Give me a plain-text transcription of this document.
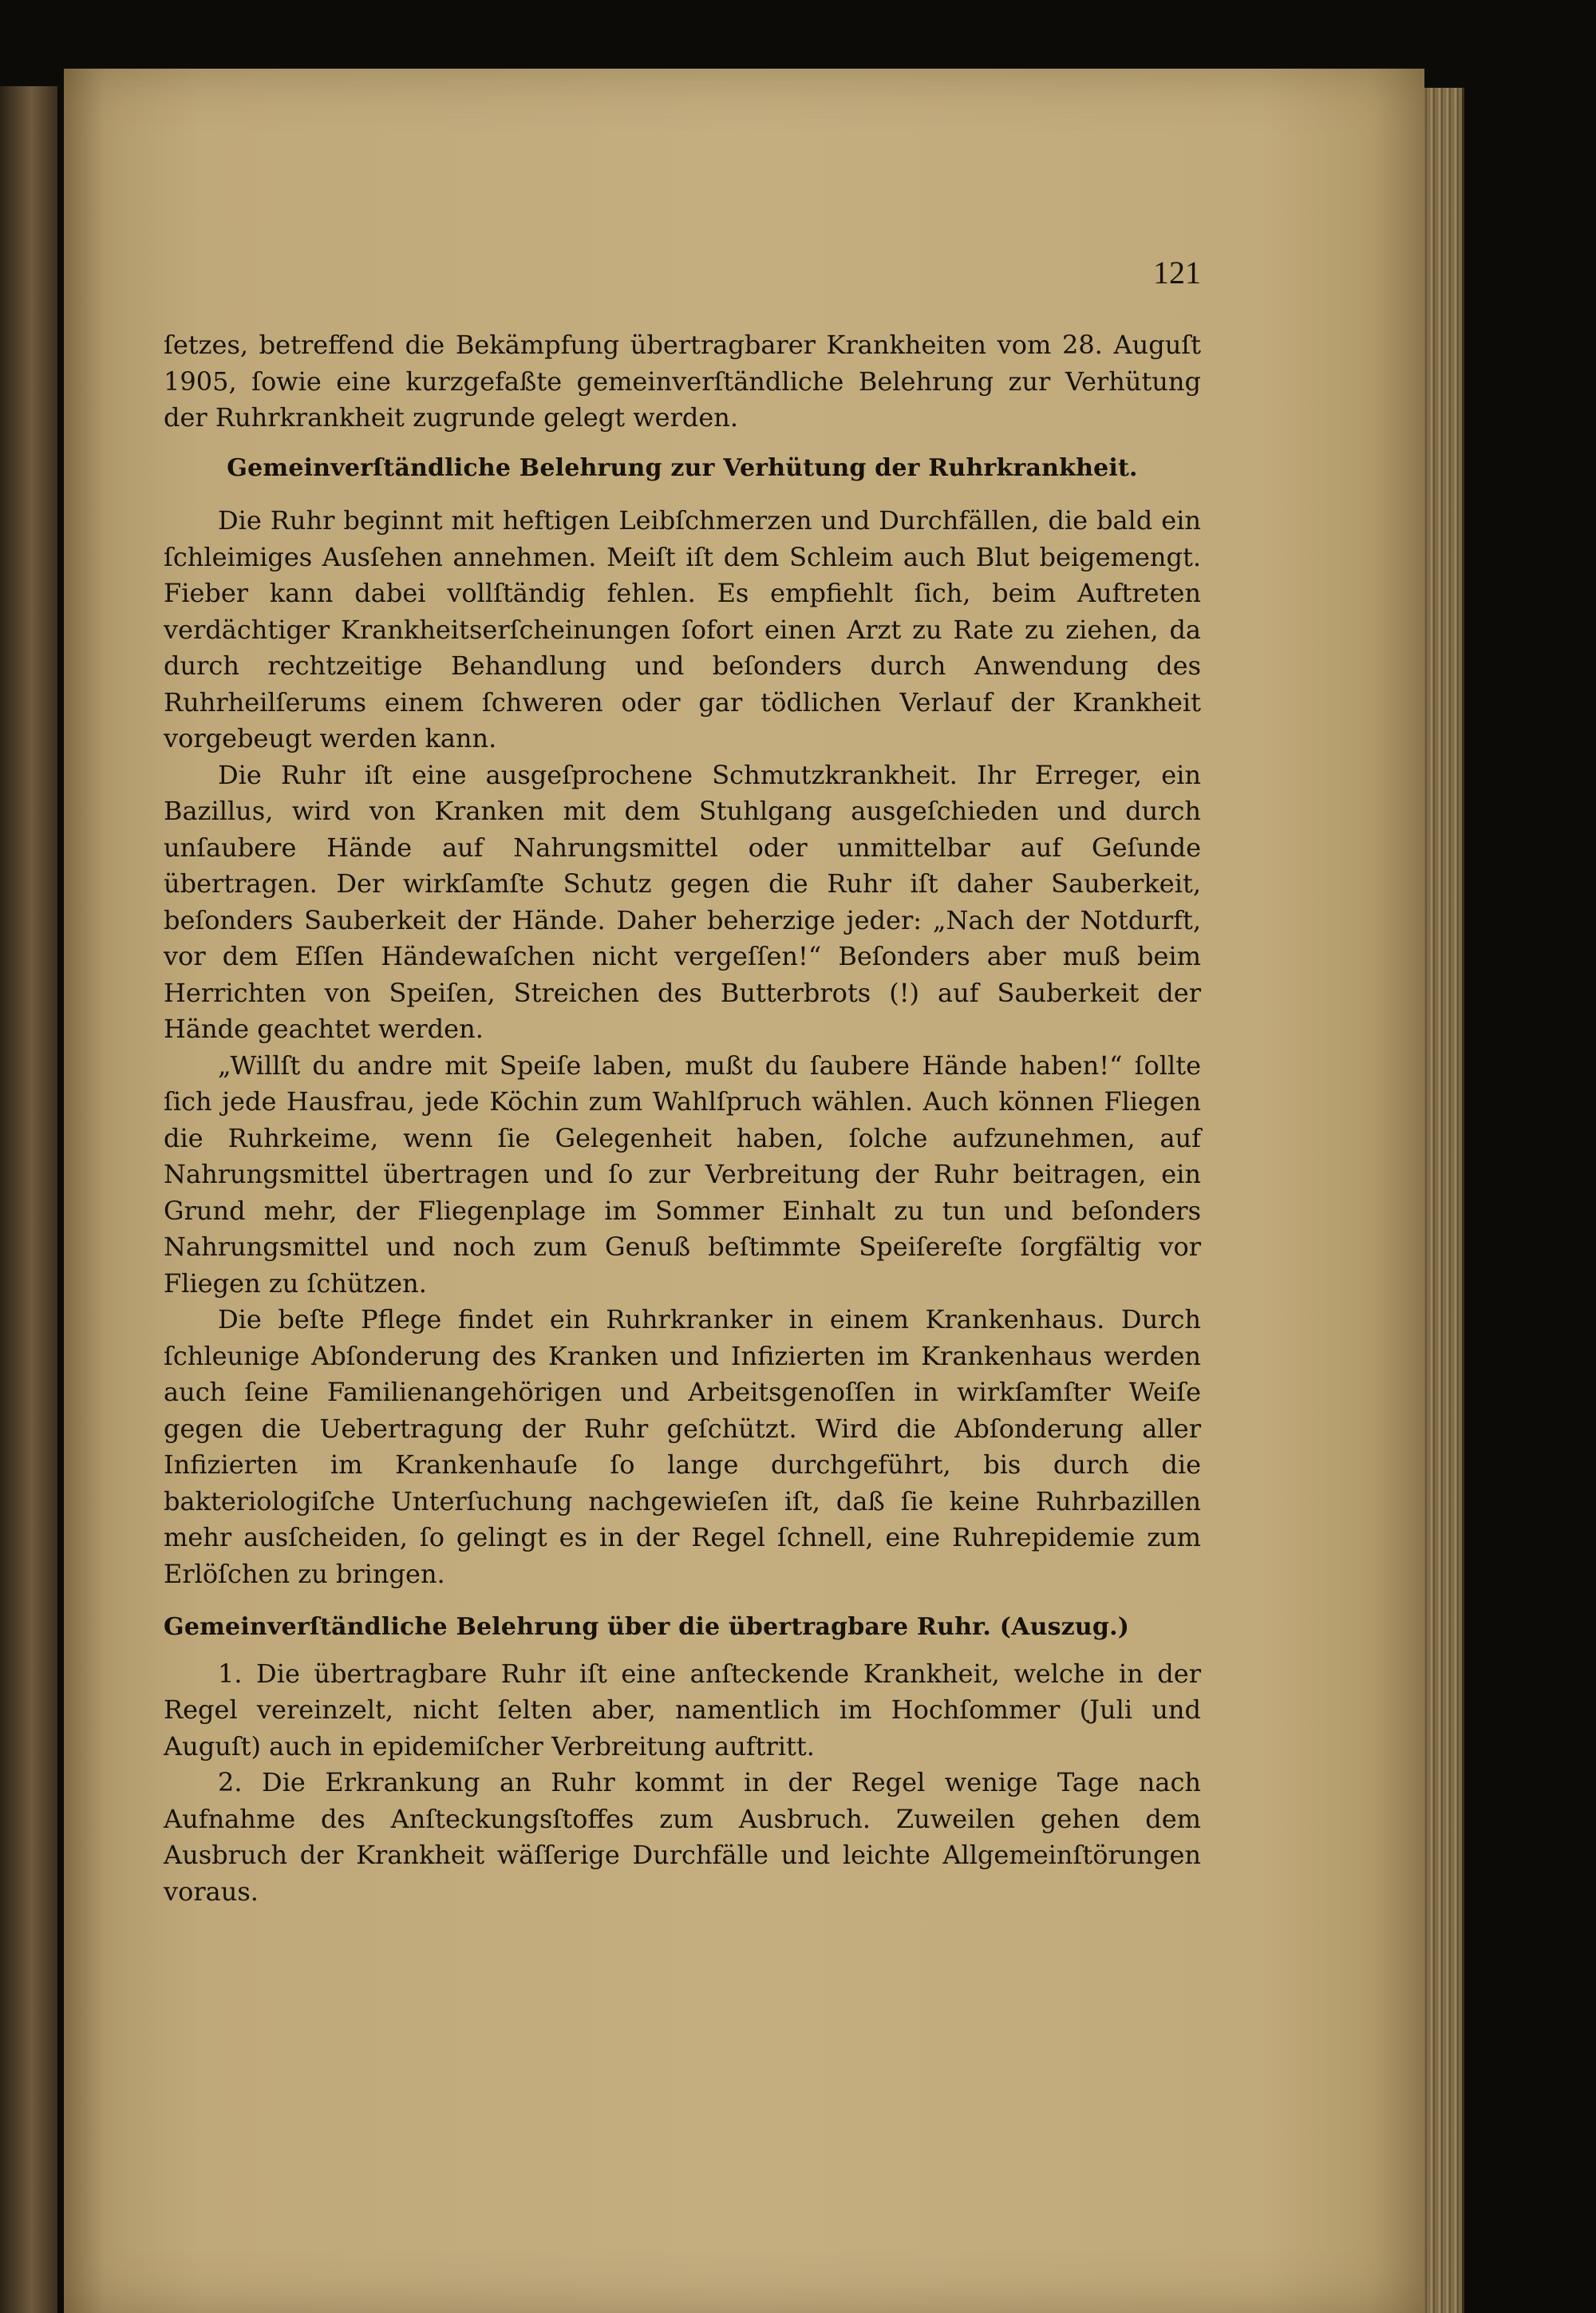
121

ſetzes, betreffend die Bekämpfung übertragbarer Krankheiten vom 28. Auguſt 1905, ſowie eine kurzgefaßte gemeinverſtändliche Belehrung zur Verhütung der Ruhrkrankheit zugrunde gelegt werden.

Gemeinverſtändliche Belehrung zur Verhütung der Ruhrkrankheit.

Die Ruhr beginnt mit heftigen Leibſchmerzen und Durchfällen, die bald ein ſchleimiges Ausſehen annehmen. Meiſt iſt dem Schleim auch Blut beigemengt. Fieber kann dabei vollſtändig fehlen. Es empfiehlt ſich, beim Auftreten verdächtiger Krankheitserſcheinungen ſofort einen Arzt zu Rate zu ziehen, da durch rechtzeitige Behandlung und beſonders durch Anwendung des Ruhrheilſerums einem ſchweren oder gar tödlichen Verlauf der Krankheit vorgebeugt werden kann.

Die Ruhr iſt eine ausgeſprochene Schmutzkrankheit. Ihr Erreger, ein Bazillus, wird von Kranken mit dem Stuhlgang ausgeſchieden und durch unſaubere Hände auf Nahrungsmittel oder unmittelbar auf Geſunde übertragen. Der wirkſamſte Schutz gegen die Ruhr iſt daher Sauberkeit, beſonders Sauberkeit der Hände. Daher beherzige jeder: „Nach der Notdurft, vor dem Eſſen Händewaſchen nicht vergeſſen!“ Beſonders aber muß beim Herrichten von Speiſen, Streichen des Butterbrots (!) auf Sauberkeit der Hände geachtet werden.

„Willſt du andre mit Speiſe laben, mußt du ſaubere Hände haben!“ ſollte ſich jede Hausfrau, jede Köchin zum Wahlſpruch wählen. Auch können Fliegen die Ruhrkeime, wenn ſie Gelegenheit haben, ſolche aufzunehmen, auf Nahrungsmittel übertragen und ſo zur Verbreitung der Ruhr beitragen, ein Grund mehr, der Fliegenplage im Sommer Einhalt zu tun und beſonders Nahrungsmittel und noch zum Genuß beſtimmte Speiſereſte ſorgfältig vor Fliegen zu ſchützen.

Die beſte Pflege findet ein Ruhrkranker in einem Krankenhaus. Durch ſchleunige Abſonderung des Kranken und Infizierten im Krankenhaus werden auch ſeine Familienangehörigen und Arbeitsgenoſſen in wirkſamſter Weiſe gegen die Uebertragung der Ruhr geſchützt. Wird die Abſonderung aller Infizierten im Krankenhauſe ſo lange durchgeführt, bis durch die bakteriologiſche Unterſuchung nachgewieſen iſt, daß ſie keine Ruhrbazillen mehr ausſcheiden, ſo gelingt es in der Regel ſchnell, eine Ruhrepidemie zum Erlöſchen zu bringen.

Gemeinverſtändliche Belehrung über die übertragbare Ruhr. (Auszug.)

1. Die übertragbare Ruhr iſt eine anſteckende Krankheit, welche in der Regel vereinzelt, nicht ſelten aber, namentlich im Hochſommer (Juli und Auguſt) auch in epidemiſcher Verbreitung auftritt.

2. Die Erkrankung an Ruhr kommt in der Regel wenige Tage nach Aufnahme des Anſteckungsſtoffes zum Ausbruch. Zuweilen gehen dem Ausbruch der Krankheit wäſſerige Durchfälle und leichte Allgemeinſtörungen voraus.
